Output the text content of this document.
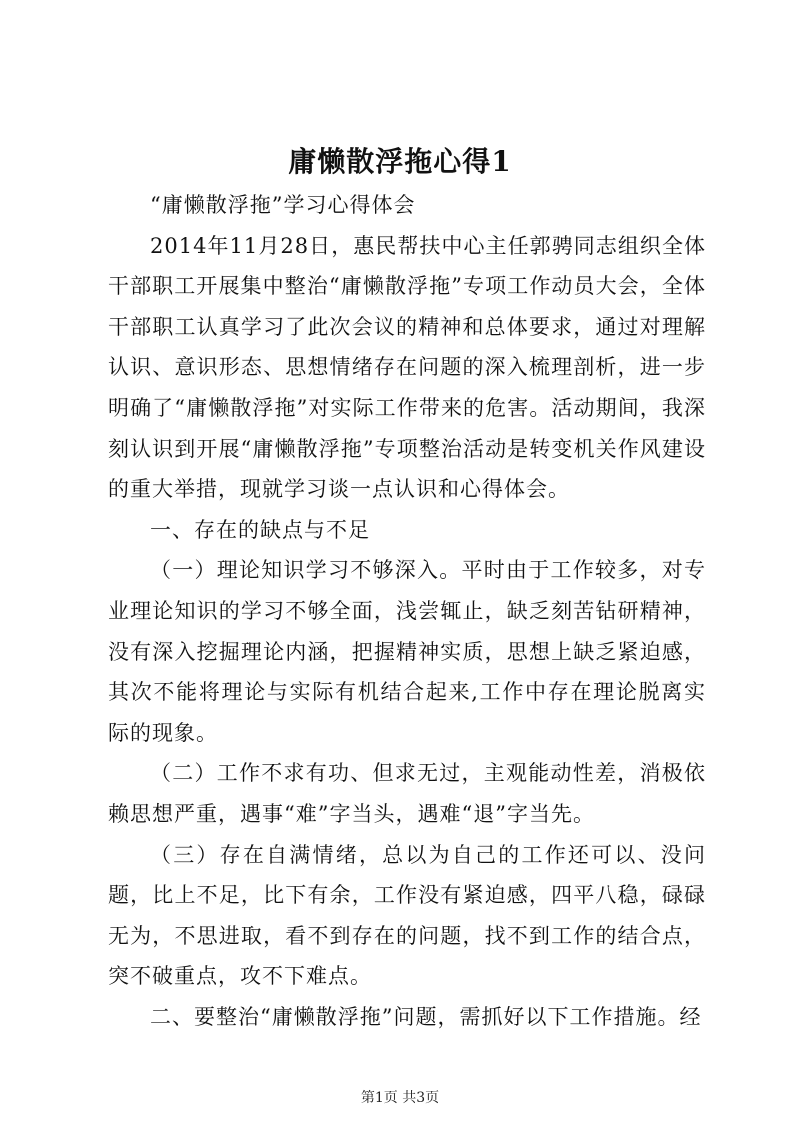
庸懒散浮拖心得1

“庸懒散浮拖”学习心得体会

2014年11月28日，惠民帮扶中心主任郭骋同志组织全体干部职工开展集中整治“庸懒散浮拖”专项工作动员大会，全体干部职工认真学习了此次会议的精神和总体要求，通过对理解认识、意识形态、思想情绪存在问题的深入梳理剖析，进一步明确了“庸懒散浮拖”对实际工作带来的危害。活动期间，我深刻认识到开展“庸懒散浮拖”专项整治活动是转变机关作风建设的重大举措，现就学习谈一点认识和心得体会。

一、存在的缺点与不足

（一）理论知识学习不够深入。平时由于工作较多，对专业理论知识的学习不够全面，浅尝辄止，缺乏刻苦钻研精神，没有深入挖掘理论内涵，把握精神实质，思想上缺乏紧迫感，其次不能将理论与实际有机结合起来,工作中存在理论脱离实际的现象。

（二）工作不求有功、但求无过，主观能动性差，消极依赖思想严重，遇事“难”字当头，遇难“退”字当先。

（三）存在自满情绪，总以为自己的工作还可以、没问题，比上不足，比下有余，工作没有紧迫感，四平八稳，碌碌无为，不思进取，看不到存在的问题，找不到工作的结合点，突不破重点，攻不下难点。

二、要整治“庸懒散浮拖”问题，需抓好以下工作措施。经

第1页 共3页
